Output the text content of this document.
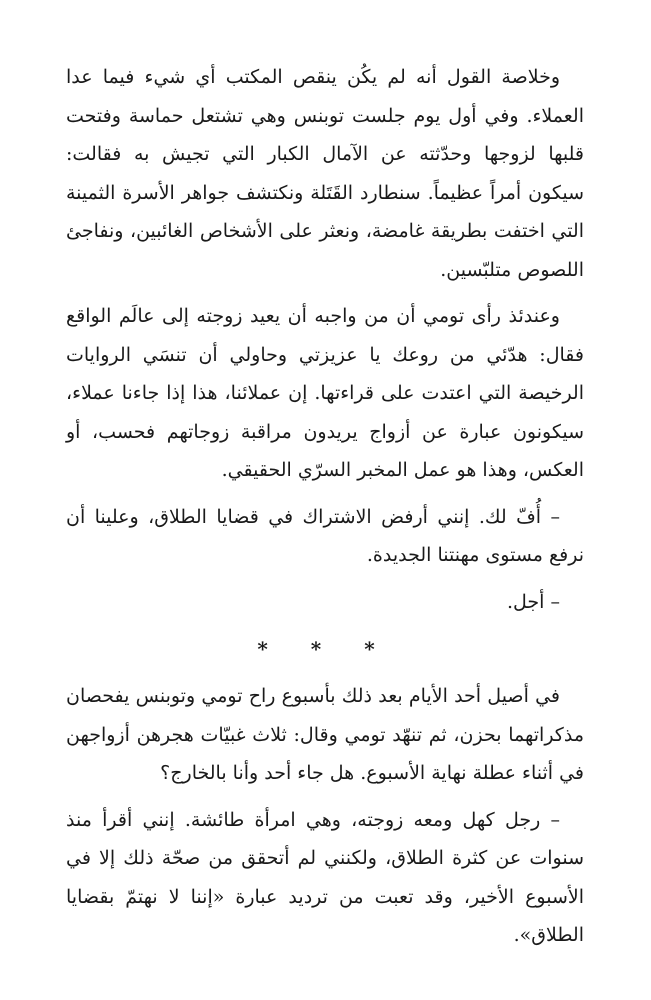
وخلاصة القول أنه لم يكُن ينقص المكتب أي شيء فيما عدا العملاء. وفي أول يوم جلست توبنس وهي تشتعل حماسة وفتحت قلبها لزوجها وحدّثته عن الآمال الكبار التي تجيش به فقالت: سيكون أمراً عظيماً. سنطارد القَتَلة ونكتشف جواهر الأسرة الثمينة التي اختفت بطريقة غامضة، ونعثر على الأشخاص الغائبين، ونفاجئ اللصوص متلبّسين.

وعندئذ رأى تومي أن من واجبه أن يعيد زوجته إلى عالَم الواقع فقال: هدّئي من روعك يا عزيزتي وحاولي أن تنسَي الروايات الرخيصة التي اعتدت على قراءتها. إن عملائنا، هذا إذا جاءنا عملاء، سيكونون عبارة عن أزواج يريدون مراقبة زوجاتهم فحسب، أو العكس، وهذا هو عمل المخبر السرّي الحقيقي.

– أُفّ لك. إنني أرفض الاشتراك في قضايا الطلاق، وعلينا أن نرفع مستوى مهنتنا الجديدة.

– أجل.

* * *

في أصيل أحد الأيام بعد ذلك بأسبوع راح تومي وتوبنس يفحصان مذكراتهما بحزن، ثم تنهّد تومي وقال: ثلاث غبيّات هجرهن أزواجهن في أثناء عطلة نهاية الأسبوع. هل جاء أحد وأنا بالخارج؟

– رجل كهل ومعه زوجته، وهي امرأة طائشة. إنني أقرأ منذ سنوات عن كثرة الطلاق، ولكنني لم أتحقق من صحّة ذلك إلا في الأسبوع الأخير، وقد تعبت من ترديد عبارة «إننا لا نهتمّ بقضايا الطلاق».
